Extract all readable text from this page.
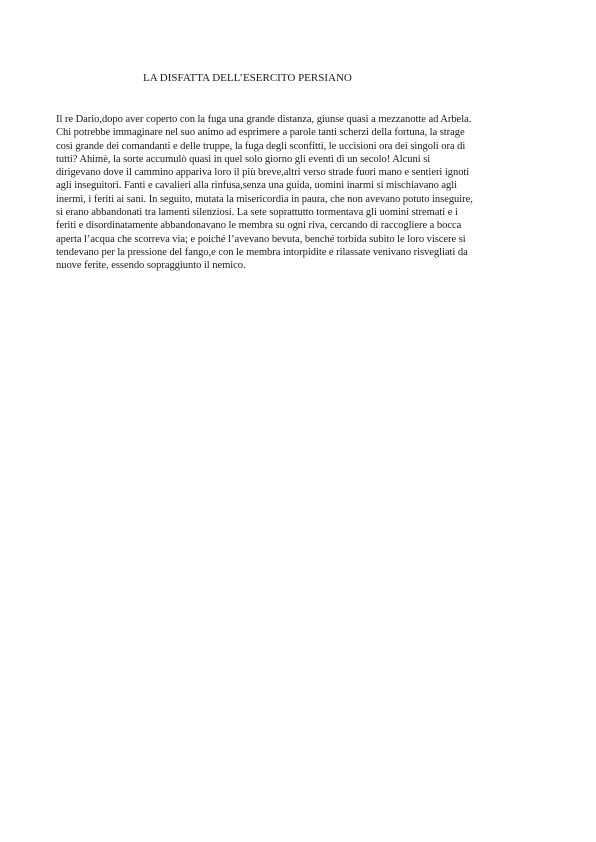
LA DISFATTA DELL’ESERCITO PERSIANO

Il re Dario,dopo aver coperto con la fuga una grande distanza, giunse quasi a mezzanotte ad Arbela.
Chi potrebbe immaginare nel suo animo ad esprimere a parole tanti scherzi della fortuna, la strage
così grande dei comandanti e delle truppe, la fuga degli sconfitti, le uccisioni ora dei singoli ora di
tutti? Ahimè, la sorte accumulò quasi in quel solo giorno gli eventi di un secolo! Alcuni si
dirigevano dove il cammino appariva loro il più breve,altri verso strade fuori mano e sentieri ignoti
agli inseguitori. Fanti e cavalieri alla rinfusa,senza una guida, uomini inarmi si mischiavano agli
inermi, i feriti ai sani. In seguito, mutata la misericordia in paura, che non avevano potuto inseguire,
si erano abbandonati tra lamenti silenziosi. La sete soprattutto tormentava gli uomini stremati e i
feriti e disordinatamente abbandonavano le membra su ogni riva, cercando di raccogliere a bocca
aperta l’acqua che scorreva via; e poiché l’avevano bevuta, benché torbida subito le loro viscere si
tendevano per la pressione del fango,e con le membra intorpidite e rilassate venivano risvegliati da
nuove ferite, essendo sopraggiunto il nemico.
